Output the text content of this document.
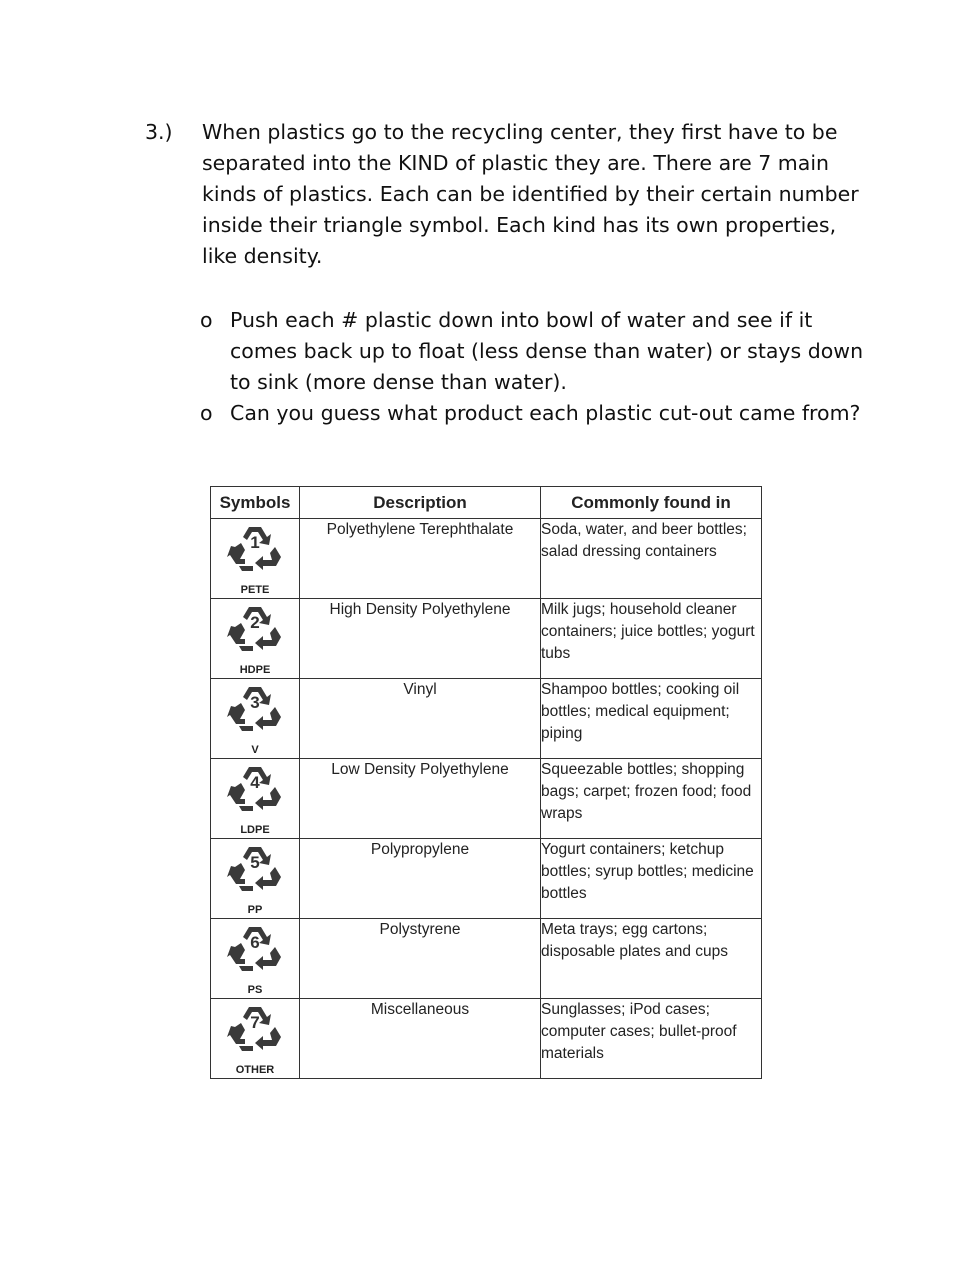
3.) When plastics go to the recycling center, they first have to be separated into the KIND of plastic they are. There are 7 main kinds of plastics. Each can be identified by their certain number inside their triangle symbol. Each kind has its own properties, like density.
o Push each # plastic down into bowl of water and see if it comes back up to float (less dense than water) or stays down to sink (more dense than water).
o Can you guess what product each plastic cut-out came from?
Symbols	Description	Commonly found in

1
PETE	Polyethylene Terephthalate	Soda, water, and beer bottles; salad dressing containers

2
HDPE	High Density Polyethylene	Milk jugs; household cleaner containers; juice bottles; yogurt tubs

3
V	Vinyl	Shampoo bottles; cooking oil bottles; medical equipment; piping

4
LDPE	Low Density Polyethylene	Squeezable bottles; shopping bags; carpet; frozen food; food wraps

5
PP	Polypropylene	Yogurt containers; ketchup bottles; syrup bottles; medicine bottles

6
PS	Polystyrene	Meta trays; egg cartons; disposable plates and cups

7
OTHER	Miscellaneous	Sunglasses; iPod cases; computer cases; bullet-proof materials
